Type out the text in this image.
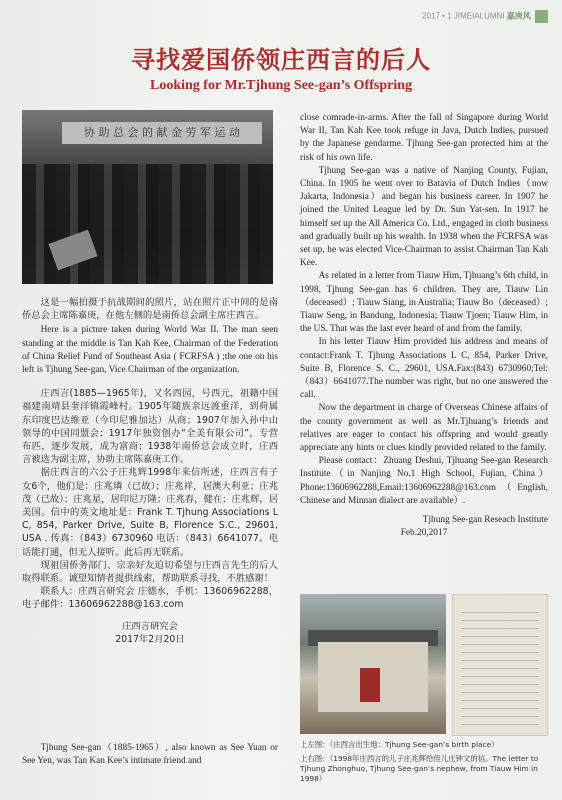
2017 • 1 JIMEIALUMNI 嘉庚风
寻找爱国侨领庄西言的后人
Looking for Mr.Tjhung See-gan’s Offspring
协 助 总 会 的 献 金 劳 军 运 动

这是一幅拍摄于抗战期间的照片，站在照片正中间的是南侨总会主席陈嘉庚，在他左侧的是南侨总会副主席庄西言。

Here is a picture taken during World War II. The man seen standing at the middle is Tan Kah Kee, Chairman of the Federation of China Relief Fund of Southeast Asia ( FCRFSA ) ;the one on his left is Tjhung See-gan, Vice Chairman of the organization.

庄西言(1885—1965年)，又名西园，号西元，祖籍中国福建南靖县奎洋镇霞峰村。1905年随族亲远渡重洋，到荷属东印度巴达维亚（今印尼雅加达）从商；1907年加入孙中山领导的中国同盟会；1917年独资创办“全美有限公司”，专营布匹，逐步发展，成为富商；1938年南侨总会成立时，庄西言被选为副主席，协助主席陈嘉庚工作。

据庄西言的六公子庄兆辉1998年来信所述，庄西言有子女6个，他们是：庄兆璘（已故）；庄兆祥，居澳大利亚；庄兆茂（已故）；庄兆星，居印尼万隆；庄兆春，健在；庄兆辉，居美国。信中的英文地址是：Frank T. Tjhung Associations L C, 854, Parker Drive, Suite B, Florence S.C., 29601, USA . 传真：（843）6730960 电话：（843）6641077。电话能打通，但无人接听。此后再无联系。

现祖国侨务部门、宗亲好友迫切希望与庄西言先生的后人取得联系。诚望知情者提供线索，帮助联系寻找，不胜感谢！

联系人：庄西言研究会 庄德水，手机：13606962288，电子邮件：13606962288@163.com

庄西言研究会

2017年2月20日

Tjhung See-gan（1885-1965）, also known as See Yuan or See Yen, was Tan Kan Kee’s intimate friend and

close comrade-in-arms. After the fall of Singapore during World War II, Tan Kah Kee took refuge in Java, Dutch Indies, pursued by the Japanese gendarme. Tjhung See-gan protected him at the risk of his own life.

Tjhung See-gan was a native of Nanjing County, Fujian, China. In 1905 he went over to Batavia of Dutch Indies（now Jakarta, Indonesia）and began his business career. In 1907 he joined the United League led by Dr. Sun Yat-sen. In 1917 he himself set up the All America Co. Ltd., engaged in cloth business and gradually built up his wealth. In 1938 when the FCRFSA was set up, he was elected Vice-Chairman to assist Chairman Tan Kah Kee.

As related in a letter from Tiauw Him, Tjhuang’s 6th child, in 1998, Tjhung See-gan has 6 children. They are, Tiauw Lin（deceased）; Tiauw Siang, in Australia; Tiauw Bo（deceased）; Tiauw Seng, in Bandung, Indonesia; Tiauw Tjoen; Tiauw Him, in the US. That was the last ever heard of and from the family.

In his letter Tiauw Him provided his address and means of contact:Frank T. Tjhung Associations L C, 854, Parker Drive, Suite B, Florence S. C., 29601, USA.Fax:(843) 6730960;Tel:（843）6641077.The number was right, but no one answered the call.

Now the department in charge of Overseas Chinese affairs of the county government as well as Mr.Tjhuang’s friends and relatives are eager to contact his offspring and would greatly appreciate any hints or clues kindly provided related to the family.

Please contact：Zhuang Deshui, Tjhuang See-gan Research Institute（in Nanjing No.1 High School, Fujian, China）Phone:13606962288,Email:13606962288@163.com（English, Chinese and Minnan dialect are available）.

Tjhung See-gan Reseach Institute

Feb.20,2017

上左图：（庄西言出生地：Tjhung See-gan’s birth place）
上右图：（1998年庄西言的儿子庄兆辉给侄儿庄钟文的信。The letter to Tjhung Zhonghuo, Tjhung See-gan’s nephew, from Tiauw Him in 1998）
